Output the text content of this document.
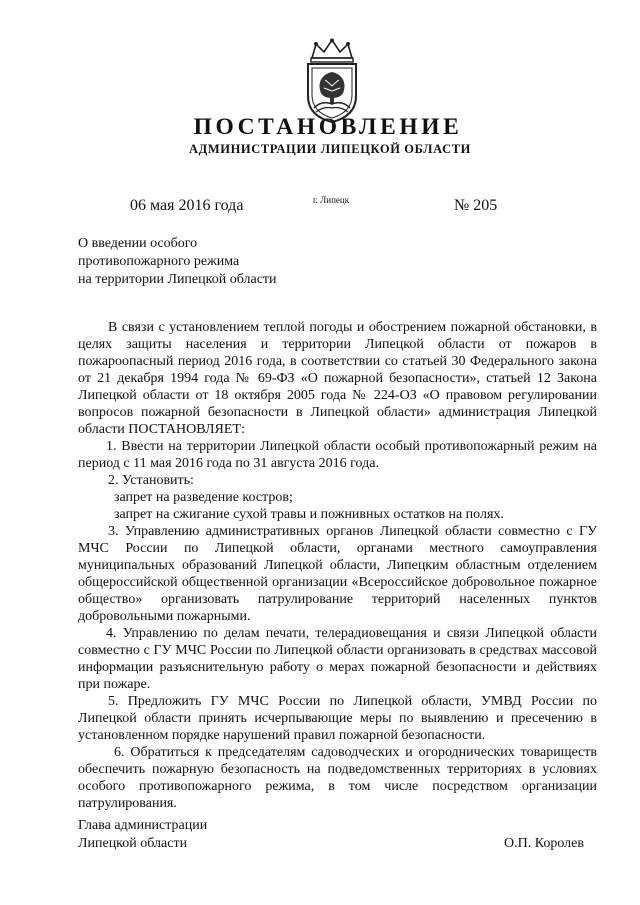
ПОСТАНОВЛЕНИЕ
АДМИНИСТРАЦИИ ЛИПЕЦКОЙ ОБЛАСТИ
06 мая 2016 года	г. Липецк	№ 205
О введении особого
противопожарного режима
на территории Липецкой области
В связи с установлением теплой погоды и обострением пожарной обстановки, в целях защиты населения и территории Липецкой области от пожаров в пожароопасный период 2016 года, в соответствии со статьей 30 Федерального закона от 21 декабря 1994 года № 69-ФЗ «О пожарной безопасности», статьей 12 Закона Липецкой области от 18 октября 2005 года № 224-ОЗ «О правовом регулировании вопросов пожарной безопасности в Липецкой области» администрация Липецкой области ПОСТАНОВЛЯЕТ:
1. Ввести на территории Липецкой области особый противопожарный режим на период с 11 мая 2016 года по 31 августа 2016 года.
2. Установить:
запрет на разведение костров;
запрет на сжигание сухой травы и пожнивных остатков на полях.
3. Управлению административных органов Липецкой области совместно с ГУ МЧС России по Липецкой области, органами местного самоуправления муниципальных образований Липецкой области, Липецким областным отделением общероссийской общественной организации «Всероссийское добровольное пожарное общество» организовать патрулирование территорий населенных пунктов добровольными пожарными.
4. Управлению по делам печати, телерадиовещания и связи Липецкой области совместно с ГУ МЧС России по Липецкой области организовать в средствах массовой информации разъяснительную работу о мерах пожарной безопасности и действиях при пожаре.
5. Предложить ГУ МЧС России по Липецкой области, УМВД России по Липецкой области принять исчерпывающие меры по выявлению и пресечению в установленном порядке нарушений правил пожарной безопасности.
6. Обратиться к председателям садоводческих и огороднических товариществ обеспечить пожарную безопасность на подведомственных территориях в условиях особого противопожарного режима, в том числе посредством организации патрулирования.
Глава администрации
Липецкой области	О.П. Королев
